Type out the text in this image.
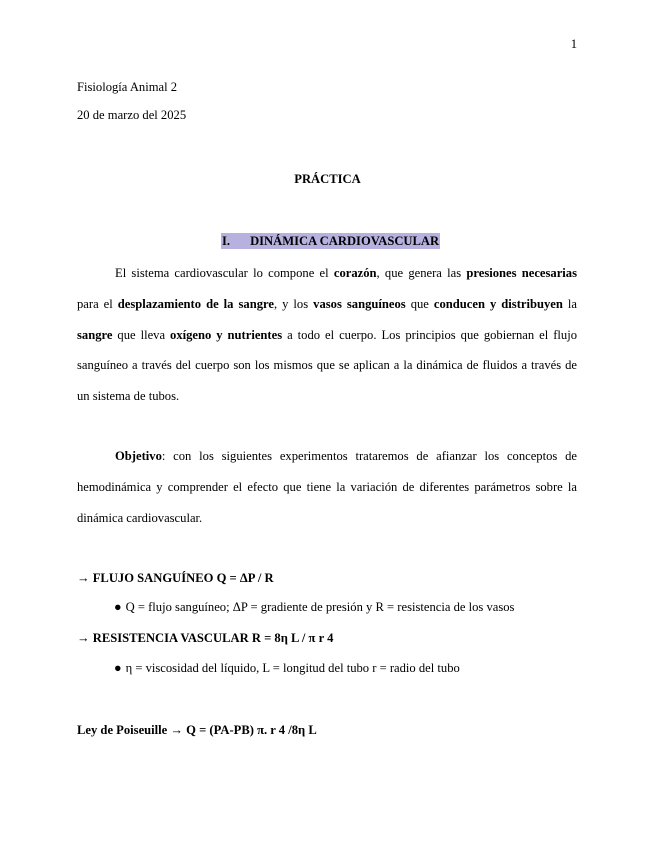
1
Fisiología Animal 2
20 de marzo del 2025
PRÁCTICA
I. DINÁMICA CARDIOVASCULAR
El sistema cardiovascular lo compone el corazón, que genera las presiones necesarias
para el desplazamiento de la sangre, y los vasos sanguíneos que conducen y distribuyen la
sangre que lleva oxígeno y nutrientes a todo el cuerpo. Los principios que gobiernan el flujo
sanguíneo a través del cuerpo son los mismos que se aplican a la dinámica de fluidos a través de
un sistema de tubos.
Objetivo: con los siguientes experimentos trataremos de afianzar los conceptos de
hemodinámica y comprender el efecto que tiene la variación de diferentes parámetros sobre la
dinámica cardiovascular.
→ FLUJO SANGUÍNEO Q = ΔP / R
● Q = flujo sanguíneo; ΔP = gradiente de presión y R = resistencia de los vasos
→ RESISTENCIA VASCULAR R = 8η L / π r 4
● η = viscosidad del líquido, L = longitud del tubo r = radio del tubo
Ley de Poiseuille → Q = (PA-PB) π. r 4 /8η L
